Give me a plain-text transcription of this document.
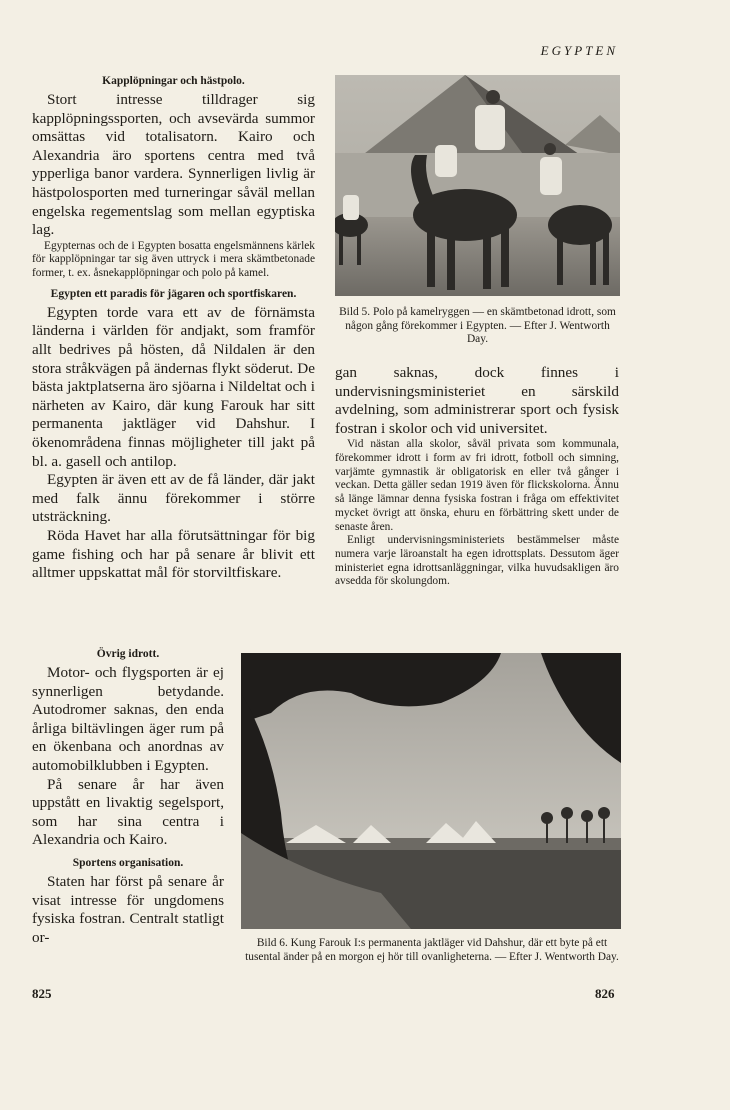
EGYPTEN
Kapplöpningar och hästpolo.

Stort intresse tilldrager sig kapplöpningssporten, och avsevärda summor omsättas vid totalisatorn. Kairo och Alexandria äro sportens centra med två ypperliga banor vardera. Synnerligen livlig är hästpolosporten med turneringar såväl mellan engelska regementslag som mellan egyptiska lag.

Egypternas och de i Egypten bosatta engelsmännens kärlek för kapplöpningar tar sig även uttryck i mera skämtbetonade former, t. ex. åsnekapplöpningar och polo på kamel.

Egypten ett paradis för jägaren och sportfiskaren.

Egypten torde vara ett av de förnämsta länderna i världen för andjakt, som framför allt bedrives på hösten, då Nildalen är den stora stråkvägen på ändernas flykt söderut. De bästa jaktplatserna äro sjöarna i Nildeltat och i närheten av Kairo, där kung Farouk har sitt permanenta jaktläger vid Dahshur. I ökenområdena finnas möjligheter till jakt på bl. a. gasell och antilop.

Egypten är även ett av de få länder, där jakt med falk ännu förekommer i större utsträckning.

Röda Havet har alla förutsättningar för big game fishing och har på senare år blivit ett alltmer uppskattat mål för storviltfiskare.

Övrig idrott.

Motor- och flygsporten är ej synnerligen betydande. Autodromer saknas, den enda årliga biltävlingen äger rum på en ökenbana och anordnas av automobilklubben i Egypten.

På senare år har även uppstått en livaktig segelsport, som har sina centra i Alexandria och Kairo.

Sportens organisation.

Staten har först på senare år visat intresse för ungdomens fysiska fostran. Centralt statligt or-

Bild 5. Polo på kamelryggen — en skämtbetonad idrott, som någon gång förekommer i Egypten. — Efter J. Wentworth Day.

gan saknas, dock finnes i undervisningsministeriet en särskild avdelning, som administrerar sport och fysisk fostran i skolor och vid universitet.

Vid nästan alla skolor, såväl privata som kommunala, förekommer idrott i form av fri idrott, fotboll och simning, varjämte gymnastik är obligatorisk en eller två gånger i veckan. Detta gäller sedan 1919 även för flickskolorna. Ännu så länge lämnar denna fysiska fostran i fråga om effektivitet mycket övrigt att önska, ehuru en förbättring skett under de senaste åren.

Enligt undervisningsministeriets bestämmelser måste numera varje läroanstalt ha egen idrottsplats. Dessutom äger ministeriet egna idrottsanläggningar, vilka huvudsakligen äro avsedda för skolungdom.

Bild 6. Kung Farouk I:s permanenta jaktläger vid Dahshur, där ett byte på ett tusental änder på en morgon ej hör till ovanligheterna. — Efter J. Wentworth Day.
825	826
